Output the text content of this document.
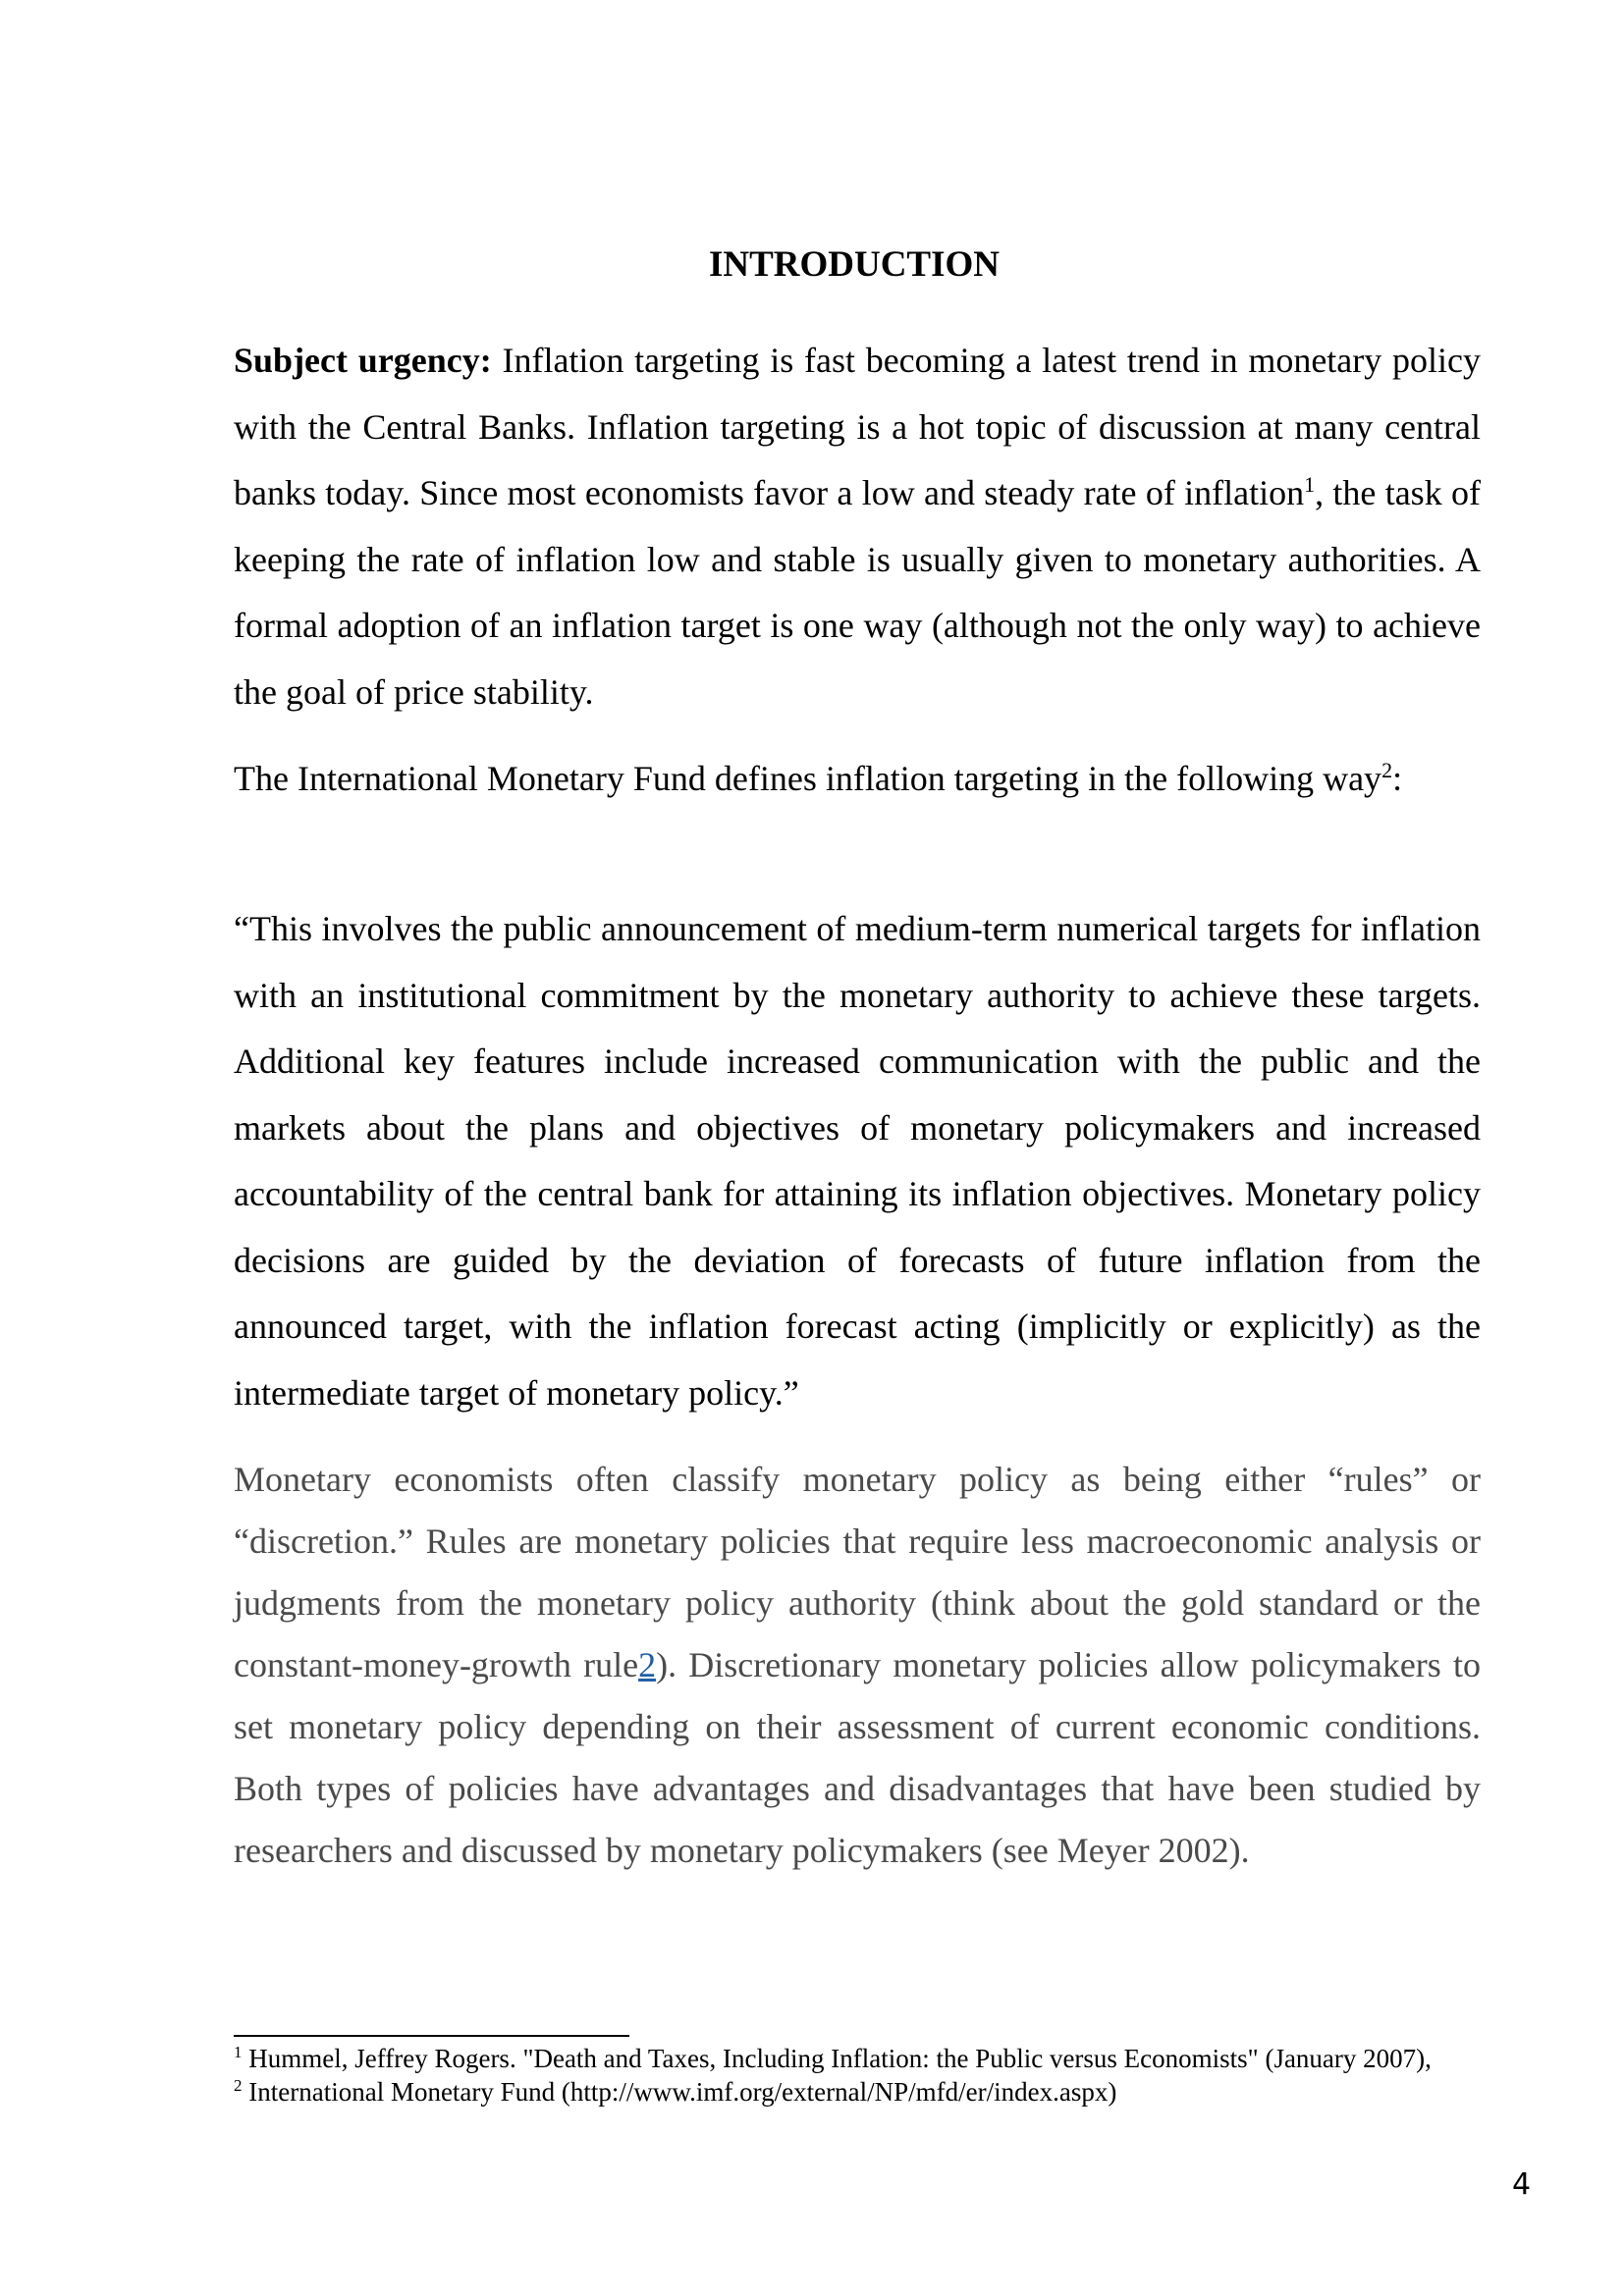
INTRODUCTION

Subject urgency: Inflation targeting is fast becoming a latest trend in monetary policy with the Central Banks. Inflation targeting is a hot topic of discussion at many central banks today. Since most economists favor a low and steady rate of inflation$^1$, the task of keeping the rate of inflation low and stable is usually given to monetary authorities. A formal adoption of an inflation target is one way (although not the only way) to achieve the goal of price stability.

The International Monetary Fund defines inflation targeting in the following way$^2$:

“This involves the public announcement of medium-term numerical targets for inflation with an institutional commitment by the monetary authority to achieve these targets. Additional key features include increased communication with the public and the markets about the plans and objectives of monetary policymakers and increased accountability of the central bank for attaining its inflation objectives. Monetary policy decisions are guided by the deviation of forecasts of future inflation from the announced target, with the inflation forecast acting (implicitly or explicitly) as the intermediate target of monetary policy.”

Monetary economists often classify monetary policy as being either “rules” or “discretion.” Rules are monetary policies that require less macroeconomic analysis or judgments from the monetary policy authority (think about the gold standard or the constant-money-growth rule2). Discretionary monetary policies allow policymakers to set monetary policy depending on their assessment of current economic conditions. Both types of policies have advantages and disadvantages that have been studied by researchers and discussed by monetary policymakers (see Meyer 2002).

$^1$ Hummel, Jeffrey Rogers. "Death and Taxes, Including Inflation: the Public versus Economists" (January 2007),
$^2$ International Monetary Fund (http://www.imf.org/external/NP/mfd/er/index.aspx)
4
